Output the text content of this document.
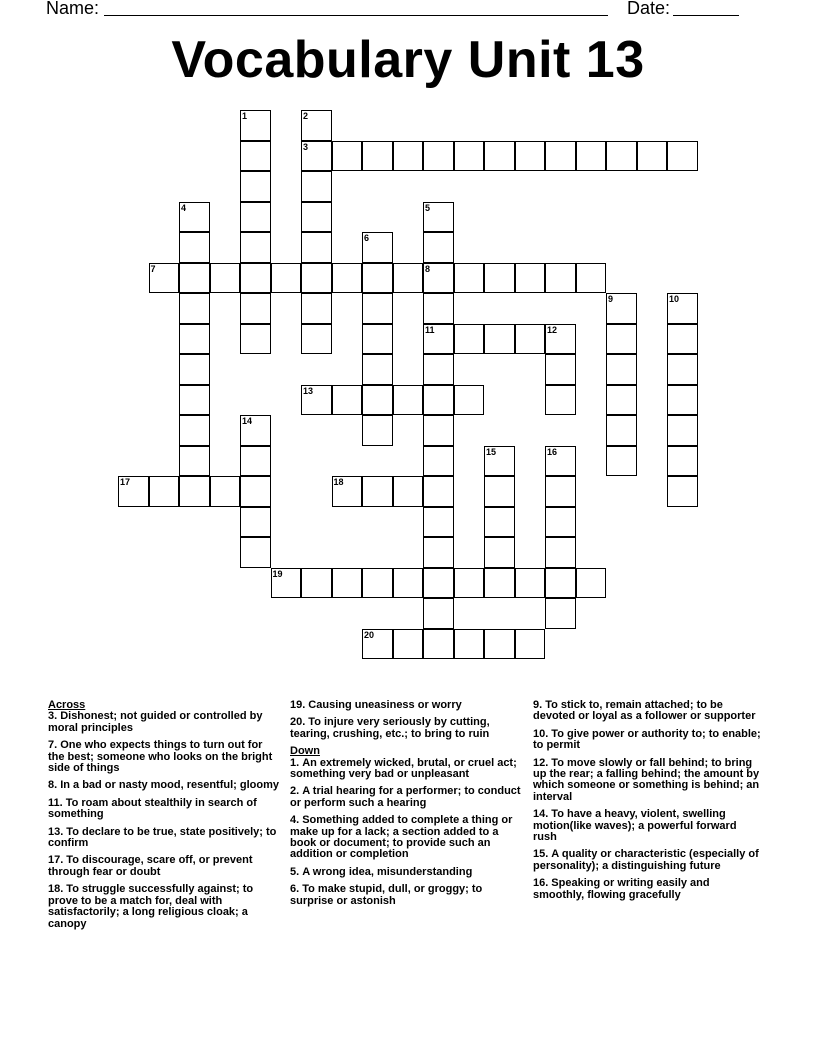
Name:	Date:
Vocabulary Unit 13
1	2
3
4	5
6
7	8
9	10
11	12
13
14
15	16
17	18
19
20
Across
3. Dishonest; not guided or controlled by moral principles
7. One who expects things to turn out for the best; someone who looks on the bright side of things
8. In a bad or nasty mood, resentful; gloomy
11. To roam about stealthily in search of something
13. To declare to be true, state positively; to confirm
17. To discourage, scare off, or prevent through fear or doubt
18. To struggle successfully against; to prove to be a match for, deal with satisfactorily; a long religious cloak; a canopy
19. Causing uneasiness or worry
20. To injure very seriously by cutting, tearing, crushing, etc.; to bring to ruin
Down
1. An extremely wicked, brutal, or cruel act; something very bad or unpleasant
2. A trial hearing for a performer; to conduct or perform such a hearing
4. Something added to complete a thing or make up for a lack; a section added to a book or document; to provide such an addition or completion
5. A wrong idea, misunderstanding
6. To make stupid, dull, or groggy; to surprise or astonish
9. To stick to, remain attached; to be devoted or loyal as a follower or supporter
10. To give power or authority to; to enable; to permit
12. To move slowly or fall behind; to bring up the rear; a falling behind; the amount by which someone or something is behind; an interval
14. To have a heavy, violent, swelling motion(like waves); a powerful forward rush
15. A quality or characteristic (especially of personality); a distinguishing future
16. Speaking or writing easily and smoothly, flowing gracefully
